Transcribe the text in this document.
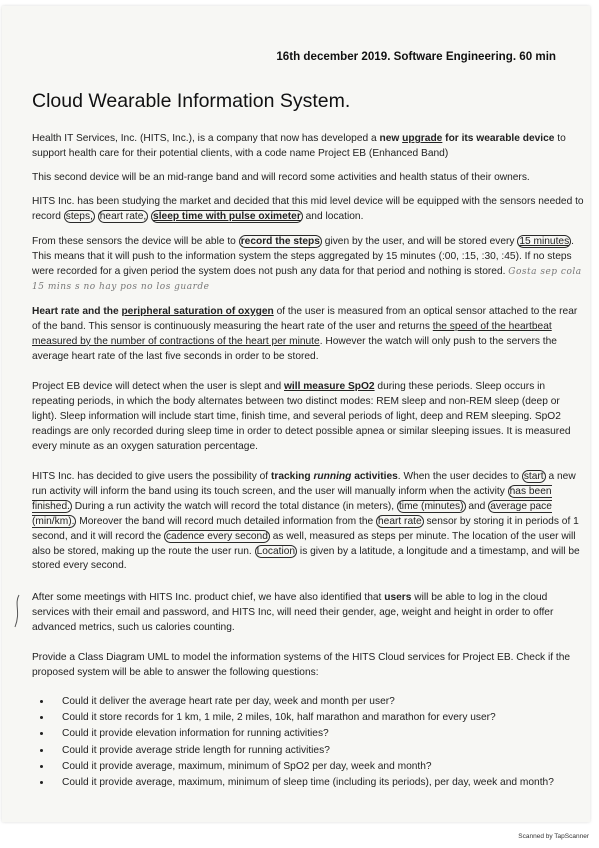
16th december 2019. Software Engineering. 60 min
Cloud Wearable Information System.
Health IT Services, Inc. (HITS, Inc.), is a company that now has developed a new upgrade for its wearable device to support health care for their potential clients, with a code name Project EB (Enhanced Band)
This second device will be an mid-range band and will record some activities and health status of their owners.
HITS Inc. has been studying the market and decided that this mid level device will be equipped with the sensors needed to record steps, heart rate, sleep time with pulse oximeter and location.
From these sensors the device will be able to record the steps given by the user, and will be stored every 15 minutes . This means that it will push to the information system the steps aggregated by 15 minutes (:00, :15, :30, :45). If no steps were recorded for a given period the system does not push any data for that period and nothing is stored. Gosta sep cola 15 mins s no hay pos no los guarde
Heart rate and the peripheral saturation of oxygen of the user is measured from an optical sensor attached to the rear of the band. This sensor is continuously measuring the heart rate of the user and returns the speed of the heartbeat measured by the number of contractions of the heart per minute. However the watch will only push to the servers the average heart rate of the last five seconds in order to be stored.
Project EB device will detect when the user is slept and will measure SpO2 during these periods. Sleep occurs in repeating periods, in which the body alternates between two distinct modes: REM sleep and non-REM sleep (deep or light). Sleep information will include start time, finish time, and several periods of light, deep and REM sleeping. SpO2 readings are only recorded during sleep time in order to detect possible apnea or similar sleeping issues. It is measured every minute as an oxygen saturation percentage.
HITS Inc. has decided to give users the possibility of tracking running activities. When the user decides to start a new run activity will inform the band using its touch screen, and the user will manually inform when the activity has been finished. During a run activity the watch will record the total distance (in meters), time (minutes) and average pace (min/km). Moreover the band will record much detailed information from the heart rate sensor by storing it in periods of 1 second, and it will record the cadence every second as well, measured as steps per minute. The location of the user will also be stored, making up the route the user run. Location is given by a latitude, a longitude and a timestamp, and will be stored every second.
After some meetings with HITS Inc. product chief, we have also identified that users will be able to log in the cloud services with their email and password, and HITS Inc, will need their gender, age, weight and height in order to offer advanced metrics, such us calories counting.
Provide a Class Diagram UML to model the information systems of the HITS Cloud services for Project EB. Check if the proposed system will be able to answer the following questions:
• Could it deliver the average heart rate per day, week and month per user?
• Could it store records for 1 km, 1 mile, 2 miles, 10k, half marathon and marathon for every user?
• Could it provide elevation information for running activities?
• Could it provide average stride length for running activities?
• Could it provide average, maximum, minimum of SpO2 per day, week and month?
• Could it provide average, maximum, minimum of sleep time (including its periods), per day, week and month?
Scanned by TapScanner
